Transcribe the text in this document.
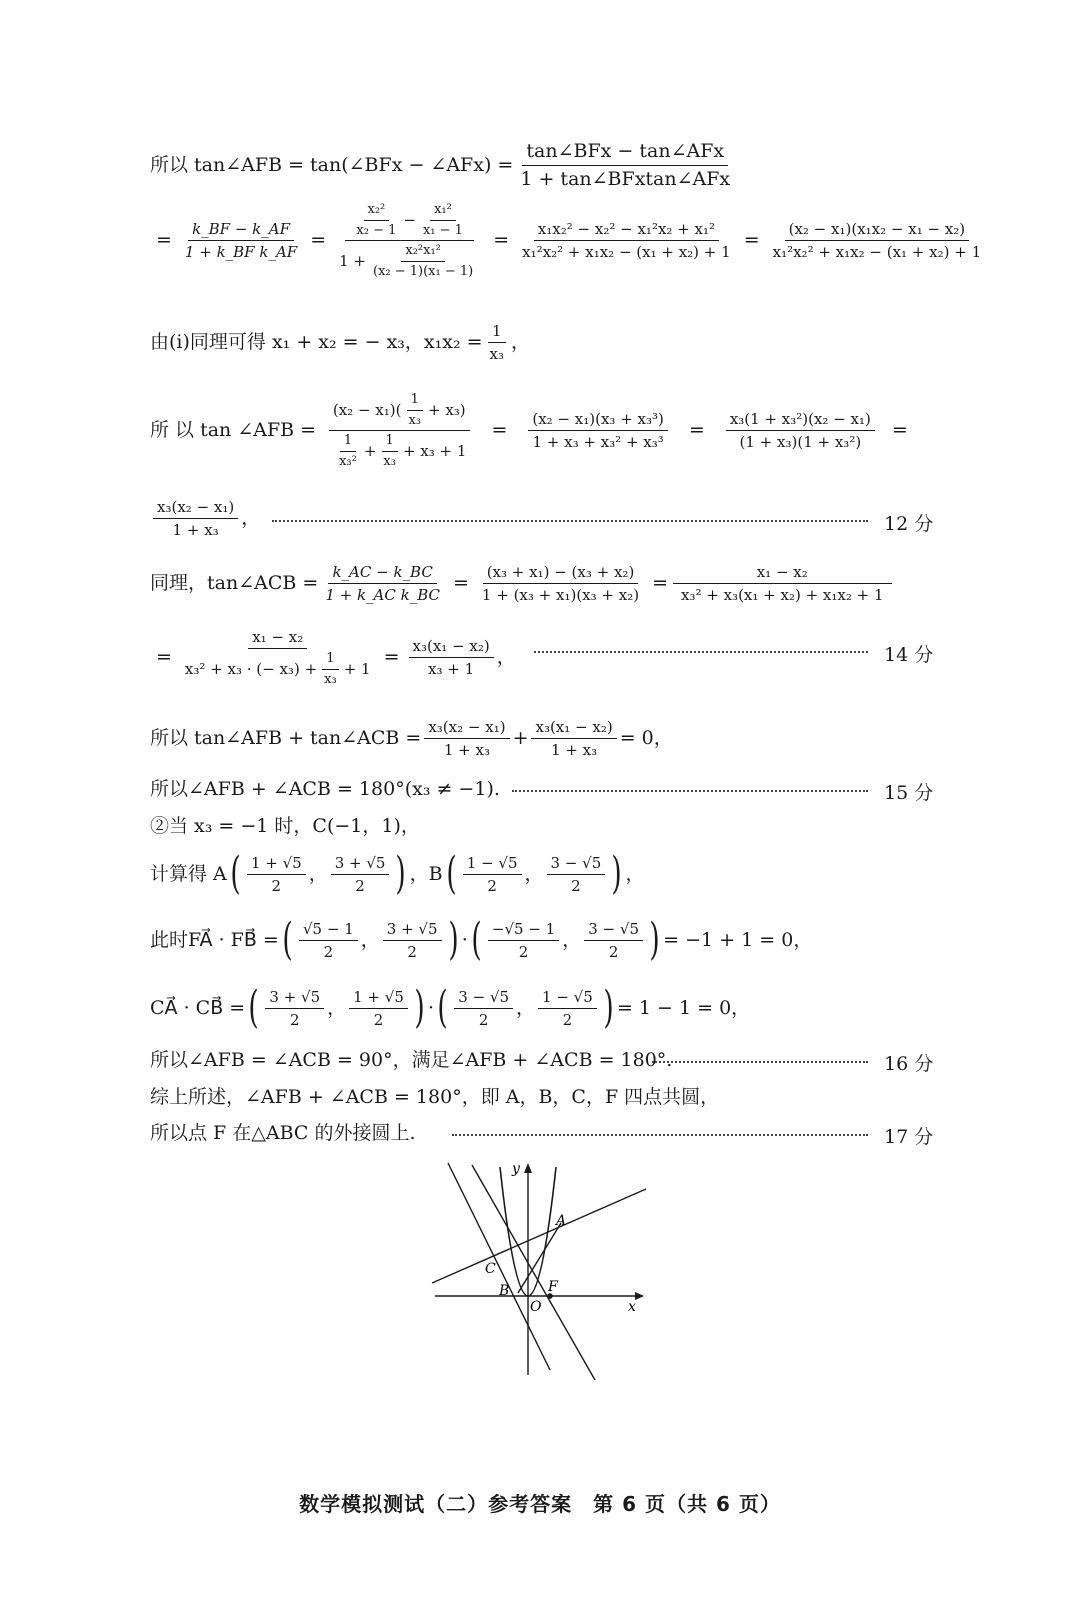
所以 tan∠AFB = tan(∠BFx − ∠AFx) = $\frac{\text{tan∠BFx − tan∠AFx}}{\text{1 + tan∠BFxtan∠AFx}}$
= $\frac{k\_BF - k\_AF}{\text{1 + k\_BF k\_AF}}$ =
$\frac{\text{x₂²}}{\text{x₂ − 1}} - \frac{\text{x₁²}}{\text{x₁ − 1}}$
$1 + \frac{\text{x₂²x₁²}}{\text{(x₂ − 1)(x₁ − 1)}}$
= $\frac{\text{x₁x₂² − x₂² − x₁²x₂ + x₁²}}{\text{x₁²x₂² + x₁x₂ − (x₁ + x₂) + 1}} = \frac{\text{(x₂ − x₁)(x₁x₂ − x₁ − x₂)}}{\text{x₁²x₂² + x₁x₂ − (x₁ + x₂) + 1}}$
由(i)同理可得 x₁ + x₂ = − x₃，$x_1x_2 = \frac{1}{\text{x₃}}$ ，
所 以 tan ∠AFB =
$(x_2 - x_1)( \frac{1}{\text{x₃}} + x_3)$
$\frac{1}{\text{x₃²}} + \frac{1}{\text{x₃}} + x_3 + 1$
= $\frac{\text{(x₂ − x₁)(x₃ + x₃³)}}{\text{1 + x₃ + x₃² + x₃³}} = \frac{\text{x₃(1 + x₃²)(x₂ − x₁)}}{\text{(1 + x₃)(1 + x₃²)}}$ =
$\frac{\text{x₃(x₂ − x₁)}}{\text{1 + x₃}}$ ，	12 分
同理，tan∠ACB = $\frac{k\_AC - k\_BC}{\text{1 + k\_AC k\_BC}} = \frac{\text{(x₃ + x₁) − (x₃ + x₂)}}{\text{1 + (x₃ + x₁)(x₃ + x₂)}} = \frac{\text{x₁ − x₂}}{\text{x₃² + x₃(x₁ + x₂) + x₁x₂ + 1}}$
=
x₁ − x₂
x₃² + x₃ · (− $x_3) + \frac{1}{\text{x₃}} + 1$
= $\frac{\text{x₃(x₁ − x₂)}}{\text{x₃ + 1}}$ ，	14 分
所以 tan∠AFB + tan∠ACB = $\frac{\text{x₃(x₂ − x₁)}}{\text{1 + x₃}} + \frac{\text{x₃(x₁ − x₂)}}{\text{1 + x₃}} = 0$，
所以∠AFB + ∠ACB = 180°(x₃ ≠ −1).	15 分
②当 x₃ = −1 时，C(−1，1)，
计算得 A ( $\frac{1 + √5}{2}$ ， $\frac{3 + √5}{2}$ ) ，B ( $\frac{1 - √5}{2}$ ， $\frac{3 - √5}{2}$ ) ，
此时FA⃗ · FB⃗ = ( $\frac{√5 - 1}{2}$ ， $\frac{3 + √5}{2}$ ) · ( $\frac{-√5 - 1}{2}$ ， $\frac{3 - √5}{2}$ ) = −1 + 1 = 0，
CA⃗ · CB⃗ = ( $\frac{3 + √5}{2}$ ， $\frac{1 + √5}{2}$ ) · ( $\frac{3 - √5}{2}$ ， $\frac{1 - √5}{2}$ ) = 1 − 1 = 0，
所以∠AFB = ∠ACB = 90°，满足∠AFB + ∠ACB = 180°.	16 分
综上所述，∠AFB + ∠ACB = 180°，即 A，B，C，F 四点共圆，
所以点 F 在△ABC 的外接圆上.	17 分
y
x
A
C
B	F
O
数学模拟测试（二）参考答案　第 6 页（共 6 页）
